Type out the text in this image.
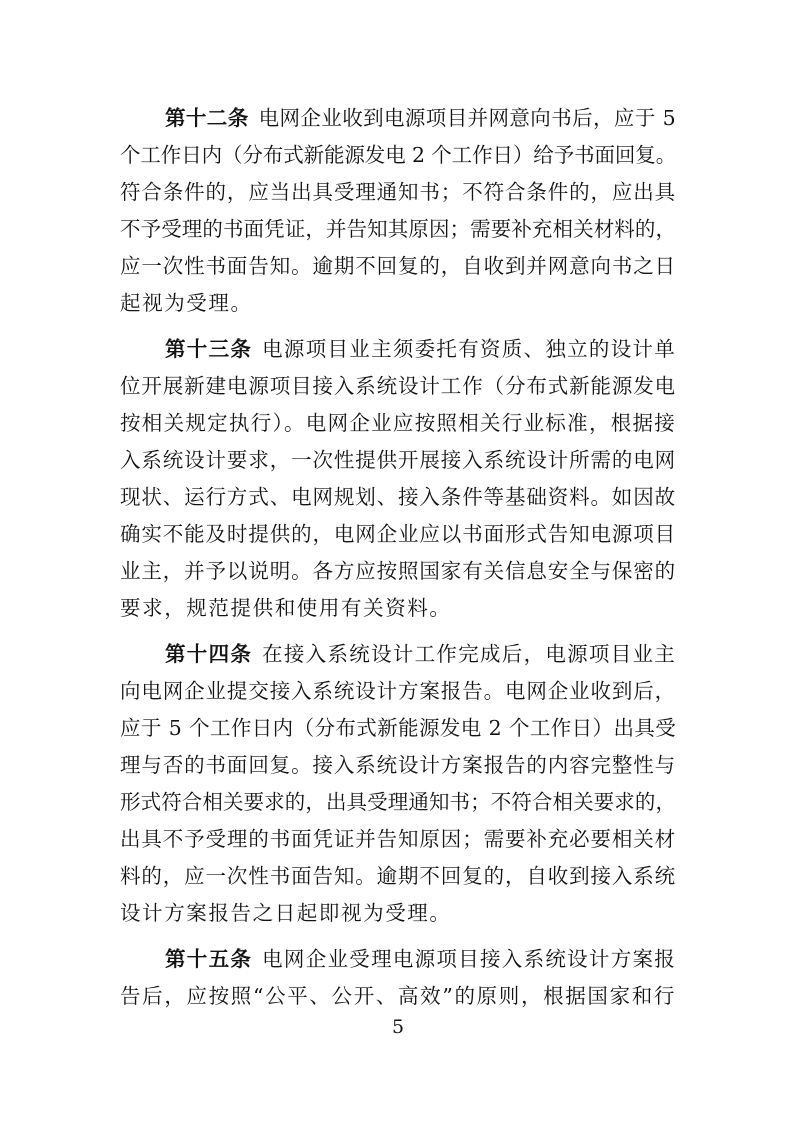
第十二条 电网企业收到电源项目并网意向书后，应于 5
个工作日内（分布式新能源发电 2 个工作日）给予书面回复。
符合条件的，应当出具受理通知书；不符合条件的，应出具
不予受理的书面凭证，并告知其原因；需要补充相关材料的，
应一次性书面告知。逾期不回复的，自收到并网意向书之日
起视为受理。

第十三条 电源项目业主须委托有资质、独立的设计单
位开展新建电源项目接入系统设计工作（分布式新能源发电
按相关规定执行）。电网企业应按照相关行业标准，根据接
入系统设计要求，一次性提供开展接入系统设计所需的电网
现状、运行方式、电网规划、接入条件等基础资料。如因故
确实不能及时提供的，电网企业应以书面形式告知电源项目
业主，并予以说明。各方应按照国家有关信息安全与保密的
要求，规范提供和使用有关资料。

第十四条 在接入系统设计工作完成后，电源项目业主
向电网企业提交接入系统设计方案报告。电网企业收到后，
应于 5 个工作日内（分布式新能源发电 2 个工作日）出具受
理与否的书面回复。接入系统设计方案报告的内容完整性与
形式符合相关要求的，出具受理通知书；不符合相关要求的，
出具不予受理的书面凭证并告知原因；需要补充必要相关材
料的，应一次性书面告知。逾期不回复的，自收到接入系统
设计方案报告之日起即视为受理。

第十五条 电网企业受理电源项目接入系统设计方案报
告后，应按照“公平、公开、高效”的原则，根据国家和行

5
